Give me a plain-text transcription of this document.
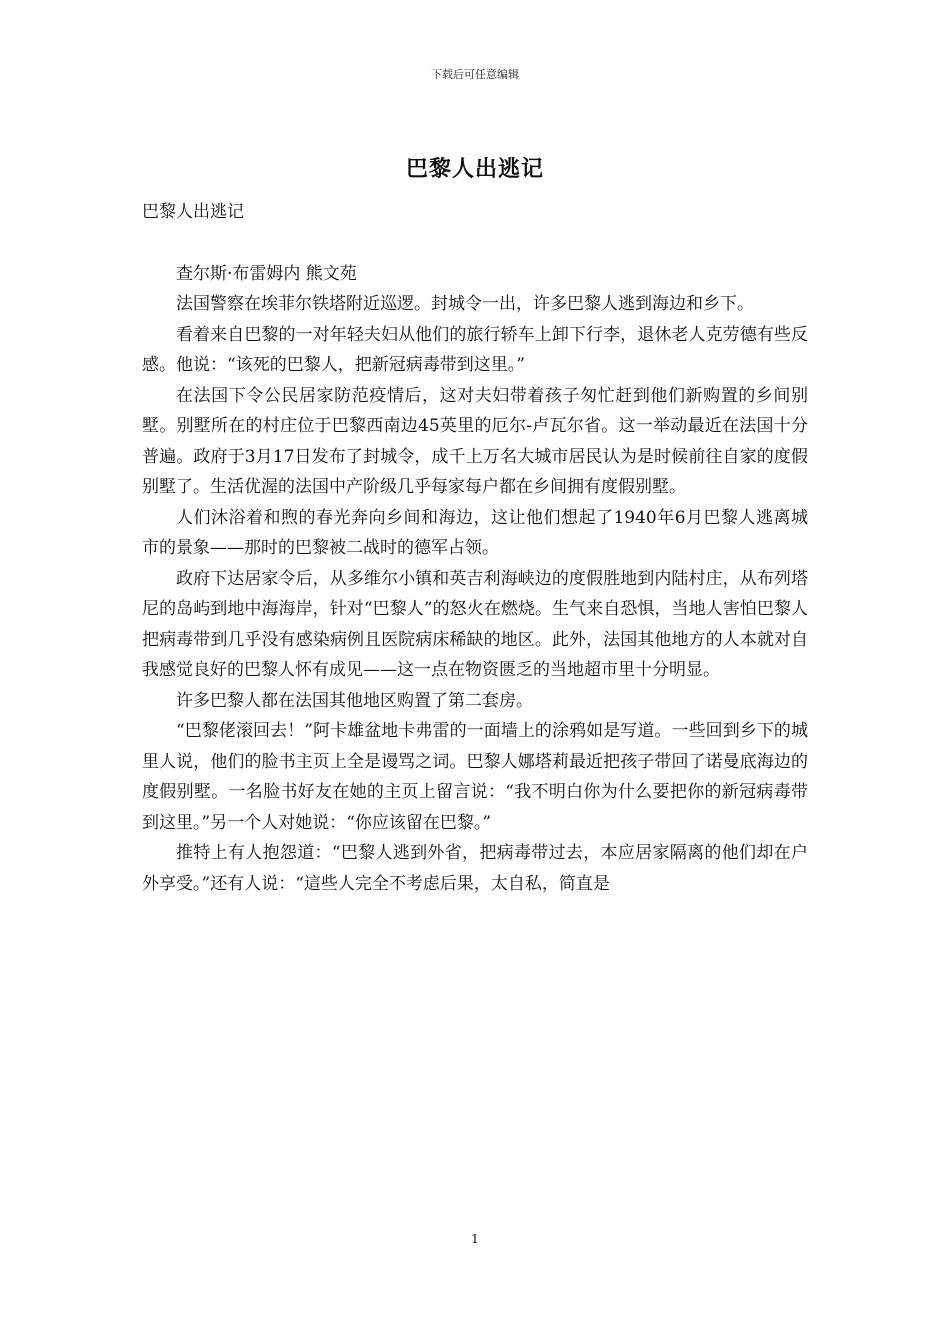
下载后可任意编辑
巴黎人出逃记

巴黎人出逃记

查尔斯·布雷姆内 熊文苑

法国警察在埃菲尔铁塔附近巡逻。封城令一出，许多巴黎人逃到海边和乡下。

看着来自巴黎的一对年轻夫妇从他们的旅行轿车上卸下行李，退休老人克劳德有些反感。他说：“该死的巴黎人，把新冠病毒带到这里。”

在法国下令公民居家防范疫情后，这对夫妇带着孩子匆忙赶到他们新购置的乡间别墅。别墅所在的村庄位于巴黎西南边45英里的厄尔-卢瓦尔省。这一举动最近在法国十分普遍。政府于3月17日发布了封城令，成千上万名大城市居民认为是时候前往自家的度假别墅了。生活优渥的法国中产阶级几乎每家每户都在乡间拥有度假别墅。

人们沐浴着和煦的春光奔向乡间和海边，这让他们想起了1940年6月巴黎人逃离城市的景象——那时的巴黎被二战时的德军占领。

政府下达居家令后，从多维尔小镇和英吉利海峡边的度假胜地到内陆村庄，从布列塔尼的岛屿到地中海海岸，针对“巴黎人”的怒火在燃烧。生气来自恐惧，当地人害怕巴黎人把病毒带到几乎没有感染病例且医院病床稀缺的地区。此外，法国其他地方的人本就对自我感觉良好的巴黎人怀有成见——这一点在物资匮乏的当地超市里十分明显。

许多巴黎人都在法国其他地区购置了第二套房。

“巴黎佬滚回去！”阿卡雄盆地卡弗雷的一面墙上的涂鸦如是写道。一些回到乡下的城里人说，他们的脸书主页上全是谩骂之词。巴黎人娜塔莉最近把孩子带回了诺曼底海边的度假别墅。一名脸书好友在她的主页上留言说：“我不明白你为什么要把你的新冠病毒带到这里。”另一个人对她说：“你应该留在巴黎。”

推特上有人抱怨道：“巴黎人逃到外省，把病毒带过去，本应居家隔离的他们却在户外享受。”还有人说：“這些人完全不考虑后果，太自私，简直是

1
